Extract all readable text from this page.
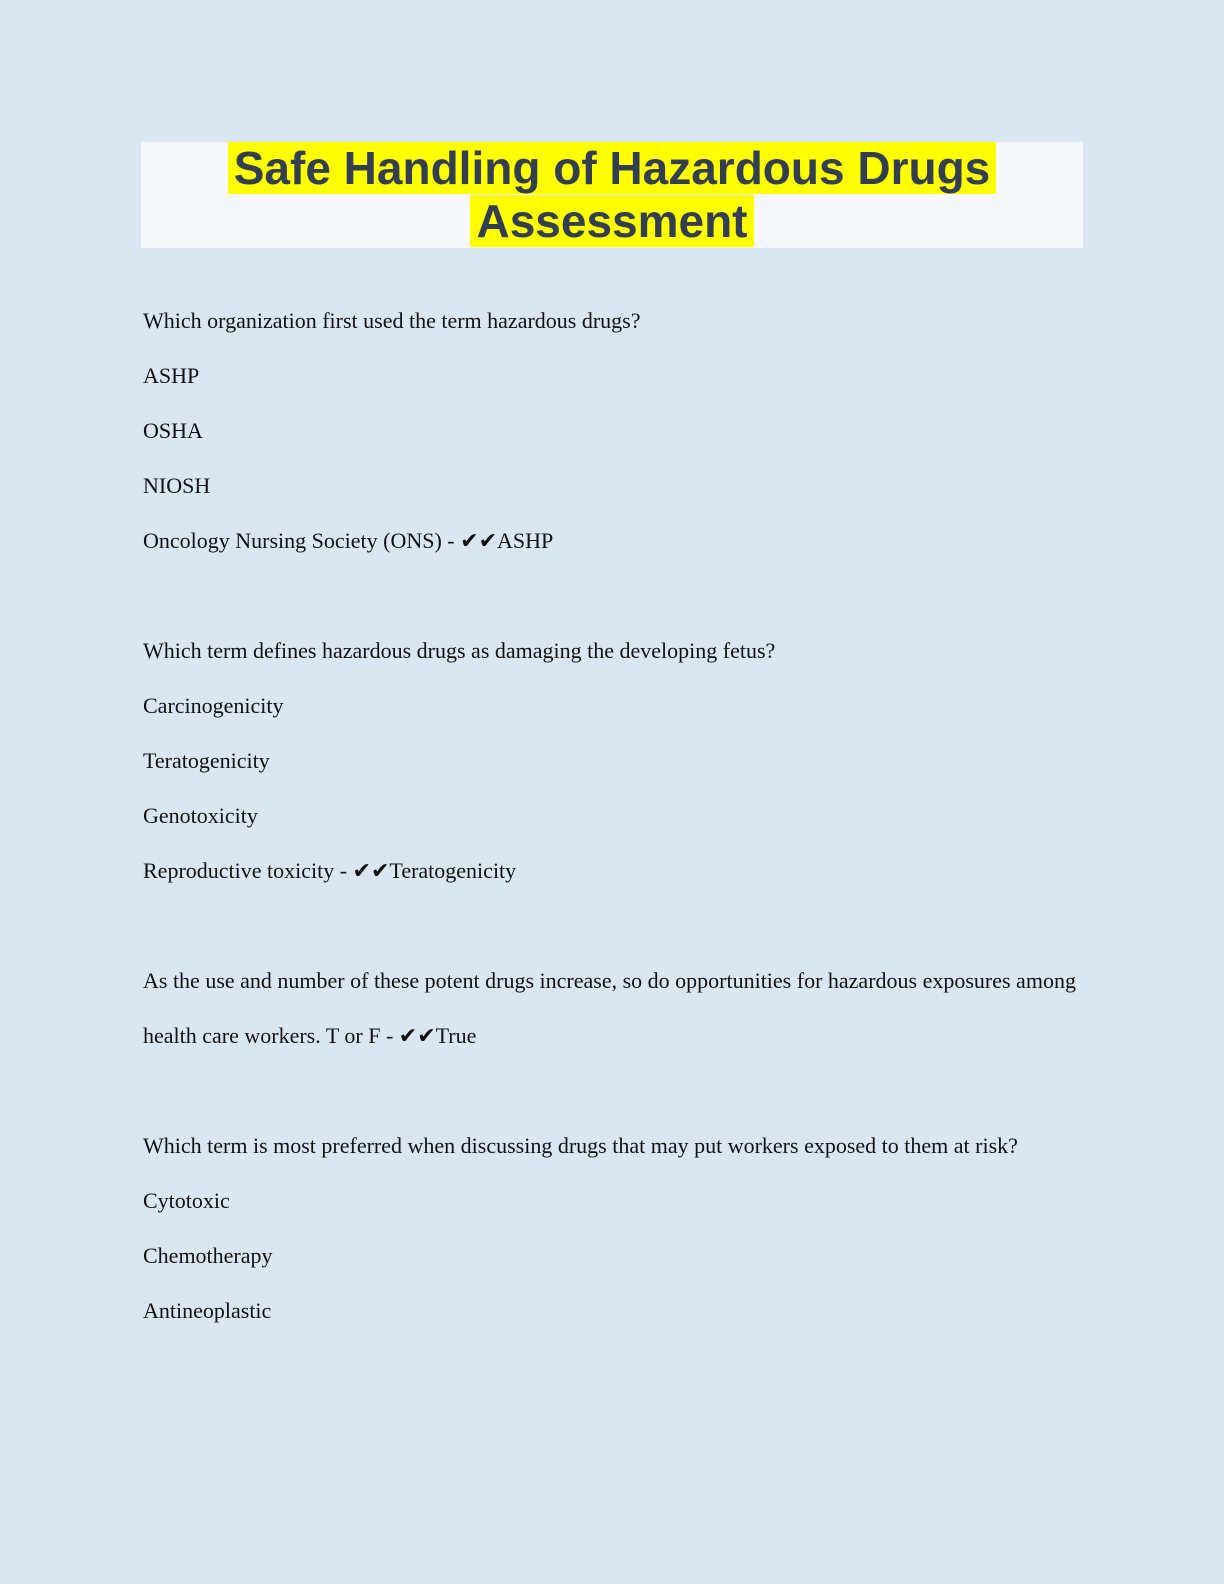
Safe Handling of Hazardous Drugs
Assessment

Which organization first used the term hazardous drugs?

ASHP

OSHA

NIOSH

Oncology Nursing Society (ONS) - ✔✔ASHP

Which term defines hazardous drugs as damaging the developing fetus?

Carcinogenicity

Teratogenicity

Genotoxicity

Reproductive toxicity - ✔✔Teratogenicity

As the use and number of these potent drugs increase, so do opportunities for hazardous exposures among health care workers. T or F - ✔✔True

Which term is most preferred when discussing drugs that may put workers exposed to them at risk?

Cytotoxic

Chemotherapy

Antineoplastic
